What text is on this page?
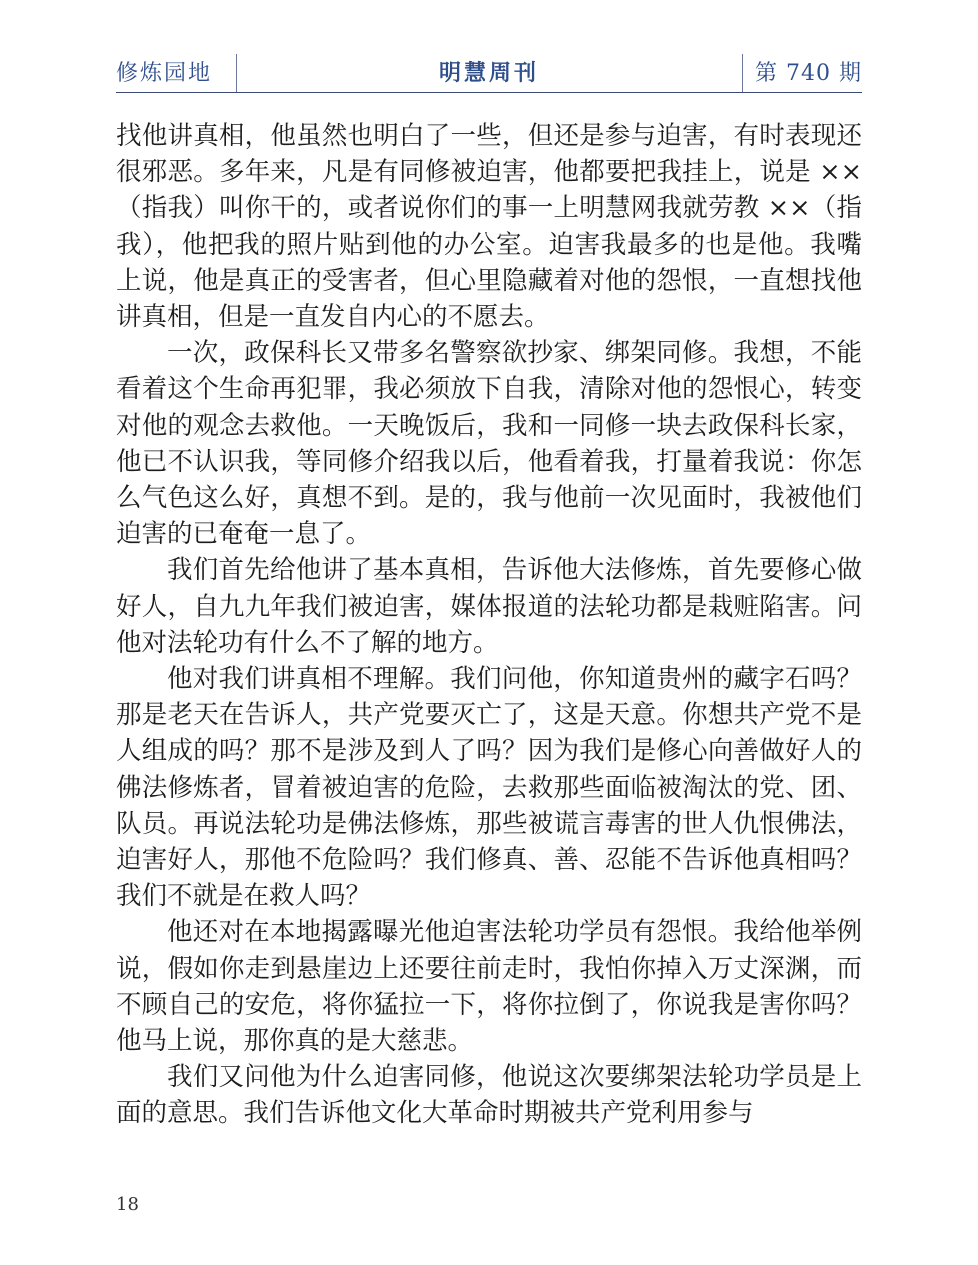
修炼园地	明慧周刊	第 740 期

找他讲真相，他虽然也明白了一些，但还是参与迫害，有时表现还很邪恶。多年来，凡是有同修被迫害，他都要把我挂上，说是 ××（指我）叫你干的，或者说你们的事一上明慧网我就劳教 ××（指我），他把我的照片贴到他的办公室。迫害我最多的也是他。我嘴上说，他是真正的受害者，但心里隐藏着对他的怨恨，一直想找他讲真相，但是一直发自内心的不愿去。

一次，政保科长又带多名警察欲抄家、绑架同修。我想，不能看着这个生命再犯罪，我必须放下自我，清除对他的怨恨心，转变对他的观念去救他。一天晚饭后，我和一同修一块去政保科长家，他已不认识我，等同修介绍我以后，他看着我，打量着我说：你怎么气色这么好，真想不到。是的，我与他前一次见面时，我被他们迫害的已奄奄一息了。

我们首先给他讲了基本真相，告诉他大法修炼，首先要修心做好人，自九九年我们被迫害，媒体报道的法轮功都是栽赃陷害。问他对法轮功有什么不了解的地方。

他对我们讲真相不理解。我们问他，你知道贵州的藏字石吗？那是老天在告诉人，共产党要灭亡了，这是天意。你想共产党不是人组成的吗？那不是涉及到人了吗？因为我们是修心向善做好人的佛法修炼者，冒着被迫害的危险，去救那些面临被淘汰的党、团、队员。再说法轮功是佛法修炼，那些被谎言毒害的世人仇恨佛法，迫害好人，那他不危险吗？我们修真、善、忍能不告诉他真相吗？我们不就是在救人吗？

他还对在本地揭露曝光他迫害法轮功学员有怨恨。我给他举例说，假如你走到悬崖边上还要往前走时，我怕你掉入万丈深渊，而不顾自己的安危，将你猛拉一下，将你拉倒了，你说我是害你吗？他马上说，那你真的是大慈悲。

我们又问他为什么迫害同修，他说这次要绑架法轮功学员是上面的意思。我们告诉他文化大革命时期被共产党利用参与

18
